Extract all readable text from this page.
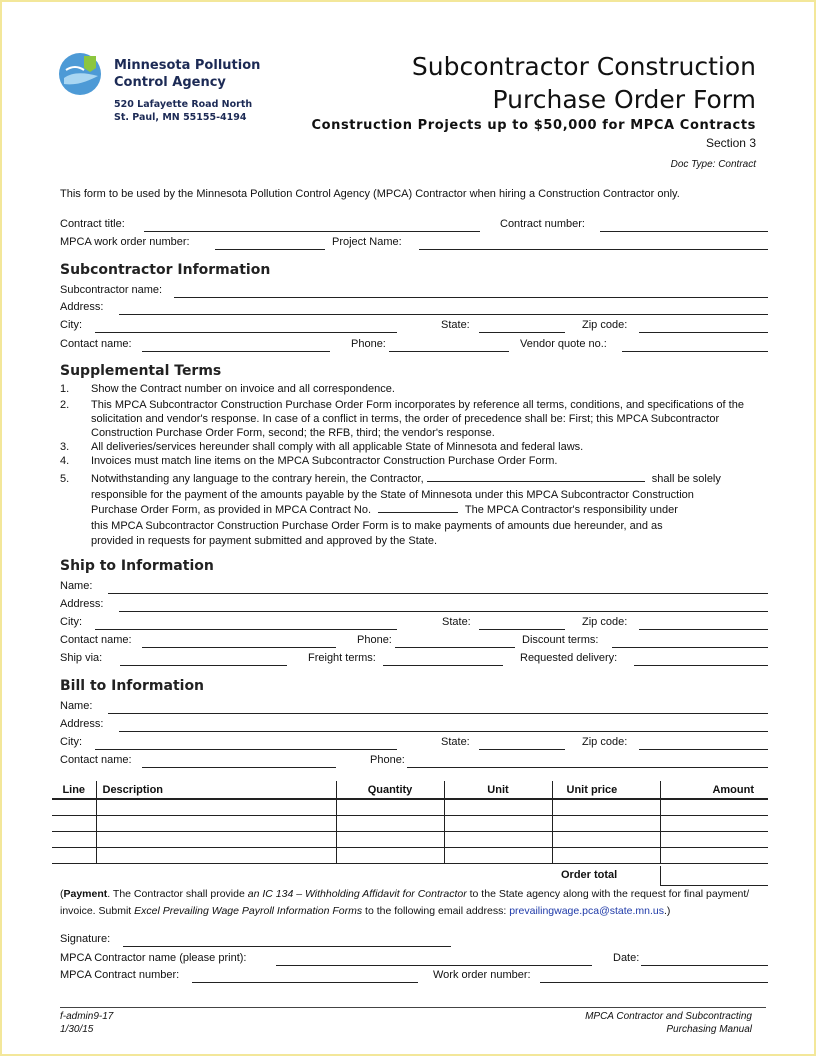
Minnesota Pollution
Control Agency
520 Lafayette Road North
St. Paul, MN 55155-4194
Subcontractor Construction
Purchase Order Form
Construction Projects up to $50,000 for MPCA Contracts
Section 3
Doc Type: Contract
This form to be used by the Minnesota Pollution Control Agency (MPCA) Contractor when hiring a Construction Contractor only.
Contract title:	Contract number:
MPCA work order number:	Project Name:
Subcontractor Information
Subcontractor name:
Address:
City:	State:	Zip code:
Contact name:	Phone:	Vendor quote no.:
Supplemental Terms
1. Show the Contract number on invoice and all correspondence.
2. This MPCA Subcontractor Construction Purchase Order Form incorporates by reference all terms, conditions, and specifications of the solicitation and vendor's response. In case of a conflict in terms, the order of precedence shall be: First; this MPCA Subcontractor Construction Purchase Order Form, second; the RFB, third; the vendor's response.
3. All deliveries/services hereunder shall comply with all applicable State of Minnesota and federal laws.
4. Invoices must match line items on the MPCA Subcontractor Construction Purchase Order Form.
5. Notwithstanding any language to the contrary herein, the Contractor,	shall be solely
responsible for the payment of the amounts payable by the State of Minnesota under this MPCA Subcontractor Construction
Purchase Order Form, as provided in MPCA Contract No.	The MPCA Contractor's responsibility under
this MPCA Subcontractor Construction Purchase Order Form is to make payments of amounts due hereunder, and as
provided in requests for payment submitted and approved by the State.
Ship to Information
Name:
Address:
City:	State:	Zip code:
Contact name:	Phone:	Discount terms:
Ship via:	Freight terms:	Requested delivery:
Bill to Information
Name:
Address:
City:	State:	Zip code:
Contact name:	Phone:
Line	Description	Quantity	Unit	Unit price	Amount

Order total
(Payment. The Contractor shall provide an IC 134 – Withholding Affidavit for Contractor to the State agency along with the request for final payment/ invoice. Submit Excel Prevailing Wage Payroll Information Forms to the following email address: prevailingwage.pca@state.mn.us.)
Signature:
MPCA Contractor name (please print):	Date:
MPCA Contract number:	Work order number:
f-admin9-17
1/30/15
MPCA Contractor and Subcontracting
Purchasing Manual
